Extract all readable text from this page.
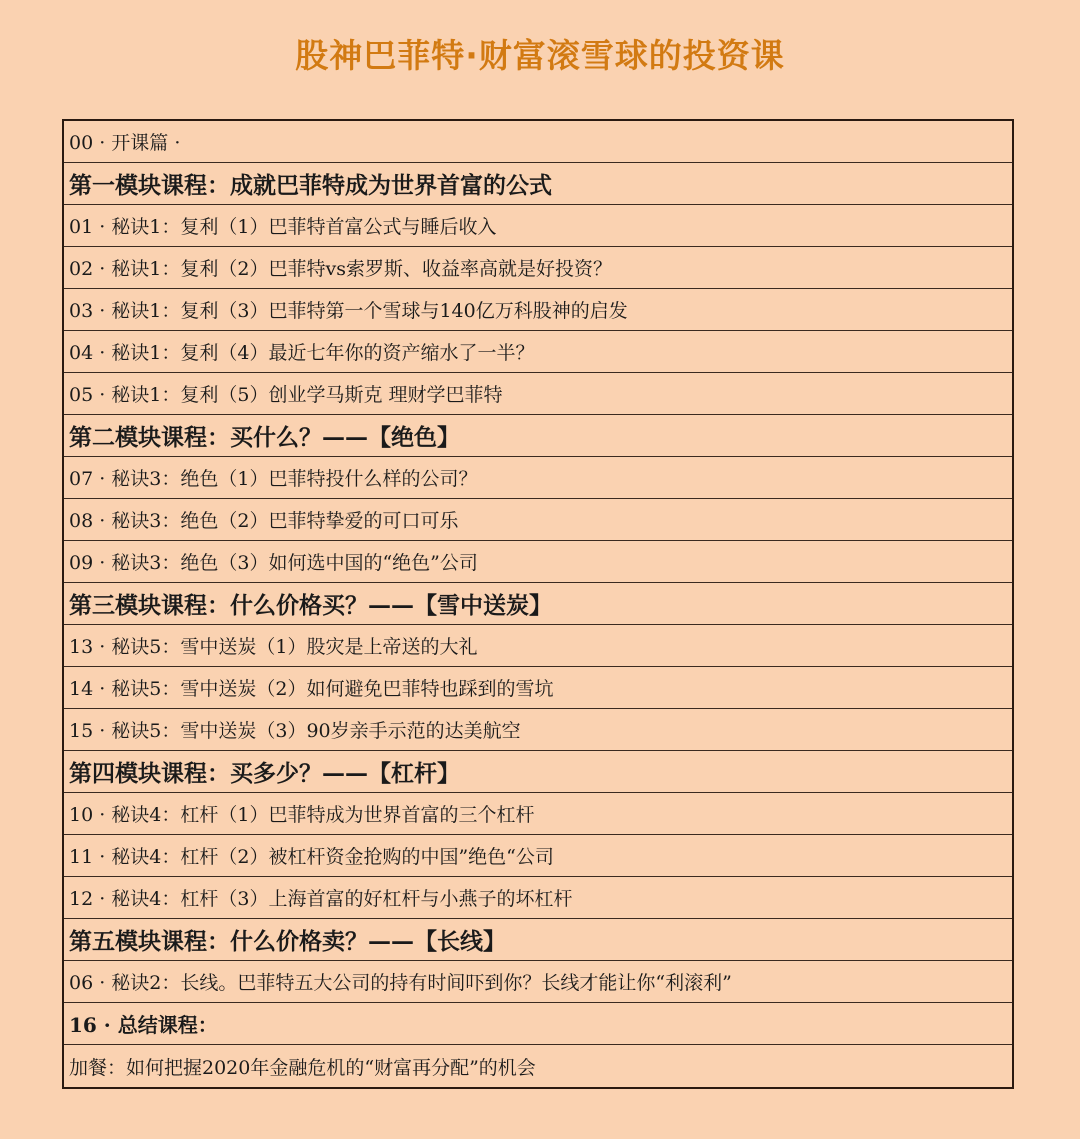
股神巴菲特·财富滚雪球的投资课
00 · 开课篇 ·
第一模块课程：成就巴菲特成为世界首富的公式
01 · 秘诀1：复利（1）巴菲特首富公式与睡后收入
02 · 秘诀1：复利（2）巴菲特vs索罗斯、收益率高就是好投资？
03 · 秘诀1：复利（3）巴菲特第一个雪球与140亿万科股神的启发
04 · 秘诀1：复利（4）最近七年你的资产缩水了一半？
05 · 秘诀1：复利（5）创业学马斯克 理财学巴菲特
第二模块课程：买什么？——【绝色】
07 · 秘诀3：绝色（1）巴菲特投什么样的公司？
08 · 秘诀3：绝色（2）巴菲特挚爱的可口可乐
09 · 秘诀3：绝色（3）如何选中国的“绝色”公司
第三模块课程：什么价格买？——【雪中送炭】
13 · 秘诀5：雪中送炭（1）股灾是上帝送的大礼
14 · 秘诀5：雪中送炭（2）如何避免巴菲特也踩到的雪坑
15 · 秘诀5：雪中送炭（3）90岁亲手示范的达美航空
第四模块课程：买多少？——【杠杆】
10 · 秘诀4：杠杆（1）巴菲特成为世界首富的三个杠杆
11 · 秘诀4：杠杆（2）被杠杆资金抢购的中国”绝色“公司
12 · 秘诀4：杠杆（3）上海首富的好杠杆与小燕子的坏杠杆
第五模块课程：什么价格卖？——【长线】
06 · 秘诀2：长线。巴菲特五大公司的持有时间吓到你？长线才能让你“利滚利”
16 · 总结课程：
加餐：如何把握2020年金融危机的“财富再分配”的机会
